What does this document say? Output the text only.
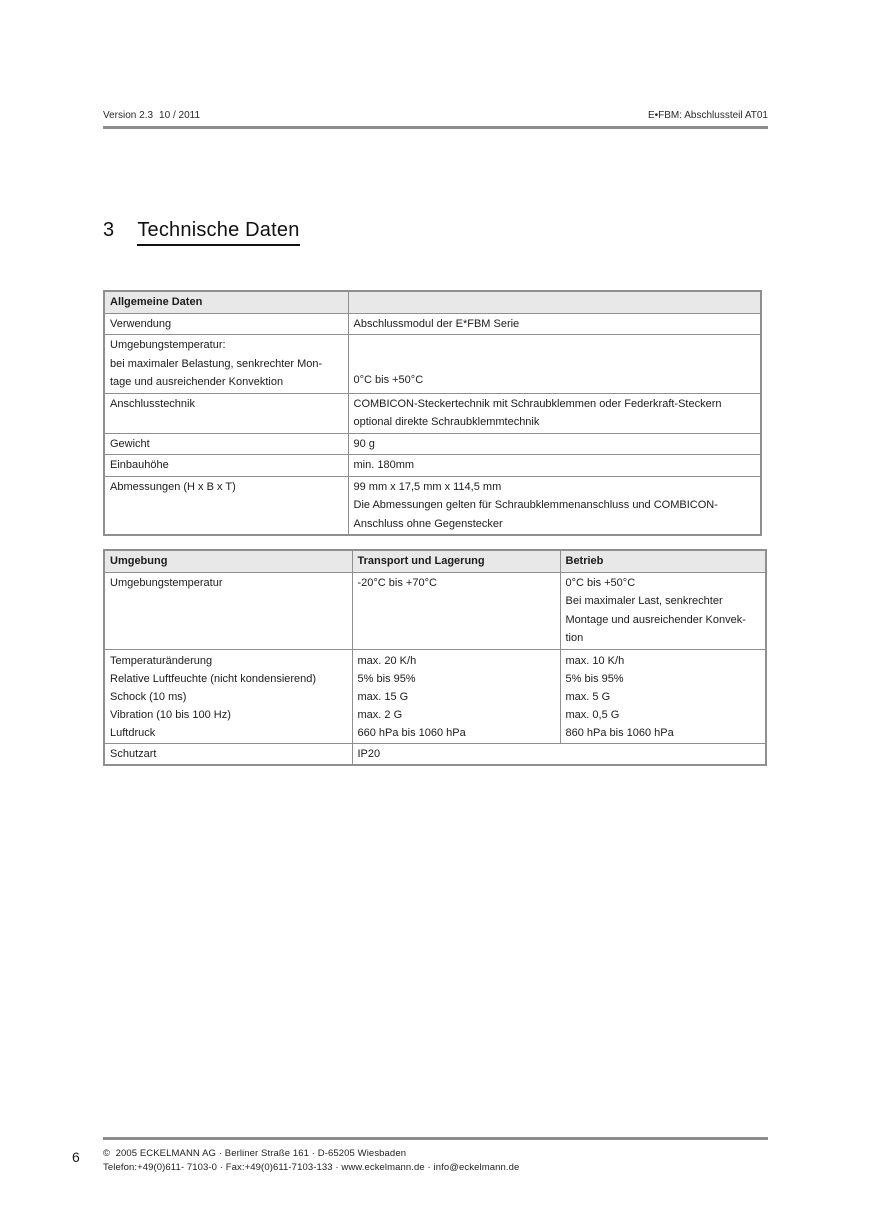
Version 2.3 10 / 2011	E•FBM: Abschlussteil AT01
3 Technische Daten
Allgemeine Daten	
Verwendung	Abschlussmodul der E*FBM Serie

Umgebungstemperatur:
bei maximaler Belastung, senkrechter Mon-
tage und ausreichender Konvektion	0°C bis +50°C
Anschlusstechnik	COMBICON-Steckertechnik mit Schraubklemmen oder Federkraft-Steckern
optional direkte Schraubklemmtechnik

Gewicht	90 g
Einbauhöhe	min. 180mm
Abmessungen (H x B x T)	99 mm x 17,5 mm x 114,5 mm
Die Abmessungen gelten für Schraubklemmenanschluss und COMBICON-
Anschluss ohne Gegenstecker
Umgebung	Transport und Lagerung	Betrieb
Umgebungstemperatur	-20°C bis +70°C	0°C bis +50°C
Bei maximaler Last, senkrechter
Montage und ausreichender Konvek-
tion

Temperaturänderung	max. 20 K/h	max. 10 K/h
Relative Luftfeuchte (nicht kondensierend)	5% bis 95%	5% bis 95%
Schock (10 ms)	max. 15 G	max. 5 G
Vibration (10 bis 100 Hz)	max. 2 G	max. 0,5 G
Luftdruck	660 hPa bis 1060 hPa	860 hPa bis 1060 hPa
Schutzart	IP20	
6 ©  2005 ECKELMANN AG · Berliner Straße 161 · D-65205 Wiesbaden
Telefon:+49(0)611- 7103-0 · Fax:+49(0)611-7103-133 · www.eckelmann.de · info@eckelmann.de
